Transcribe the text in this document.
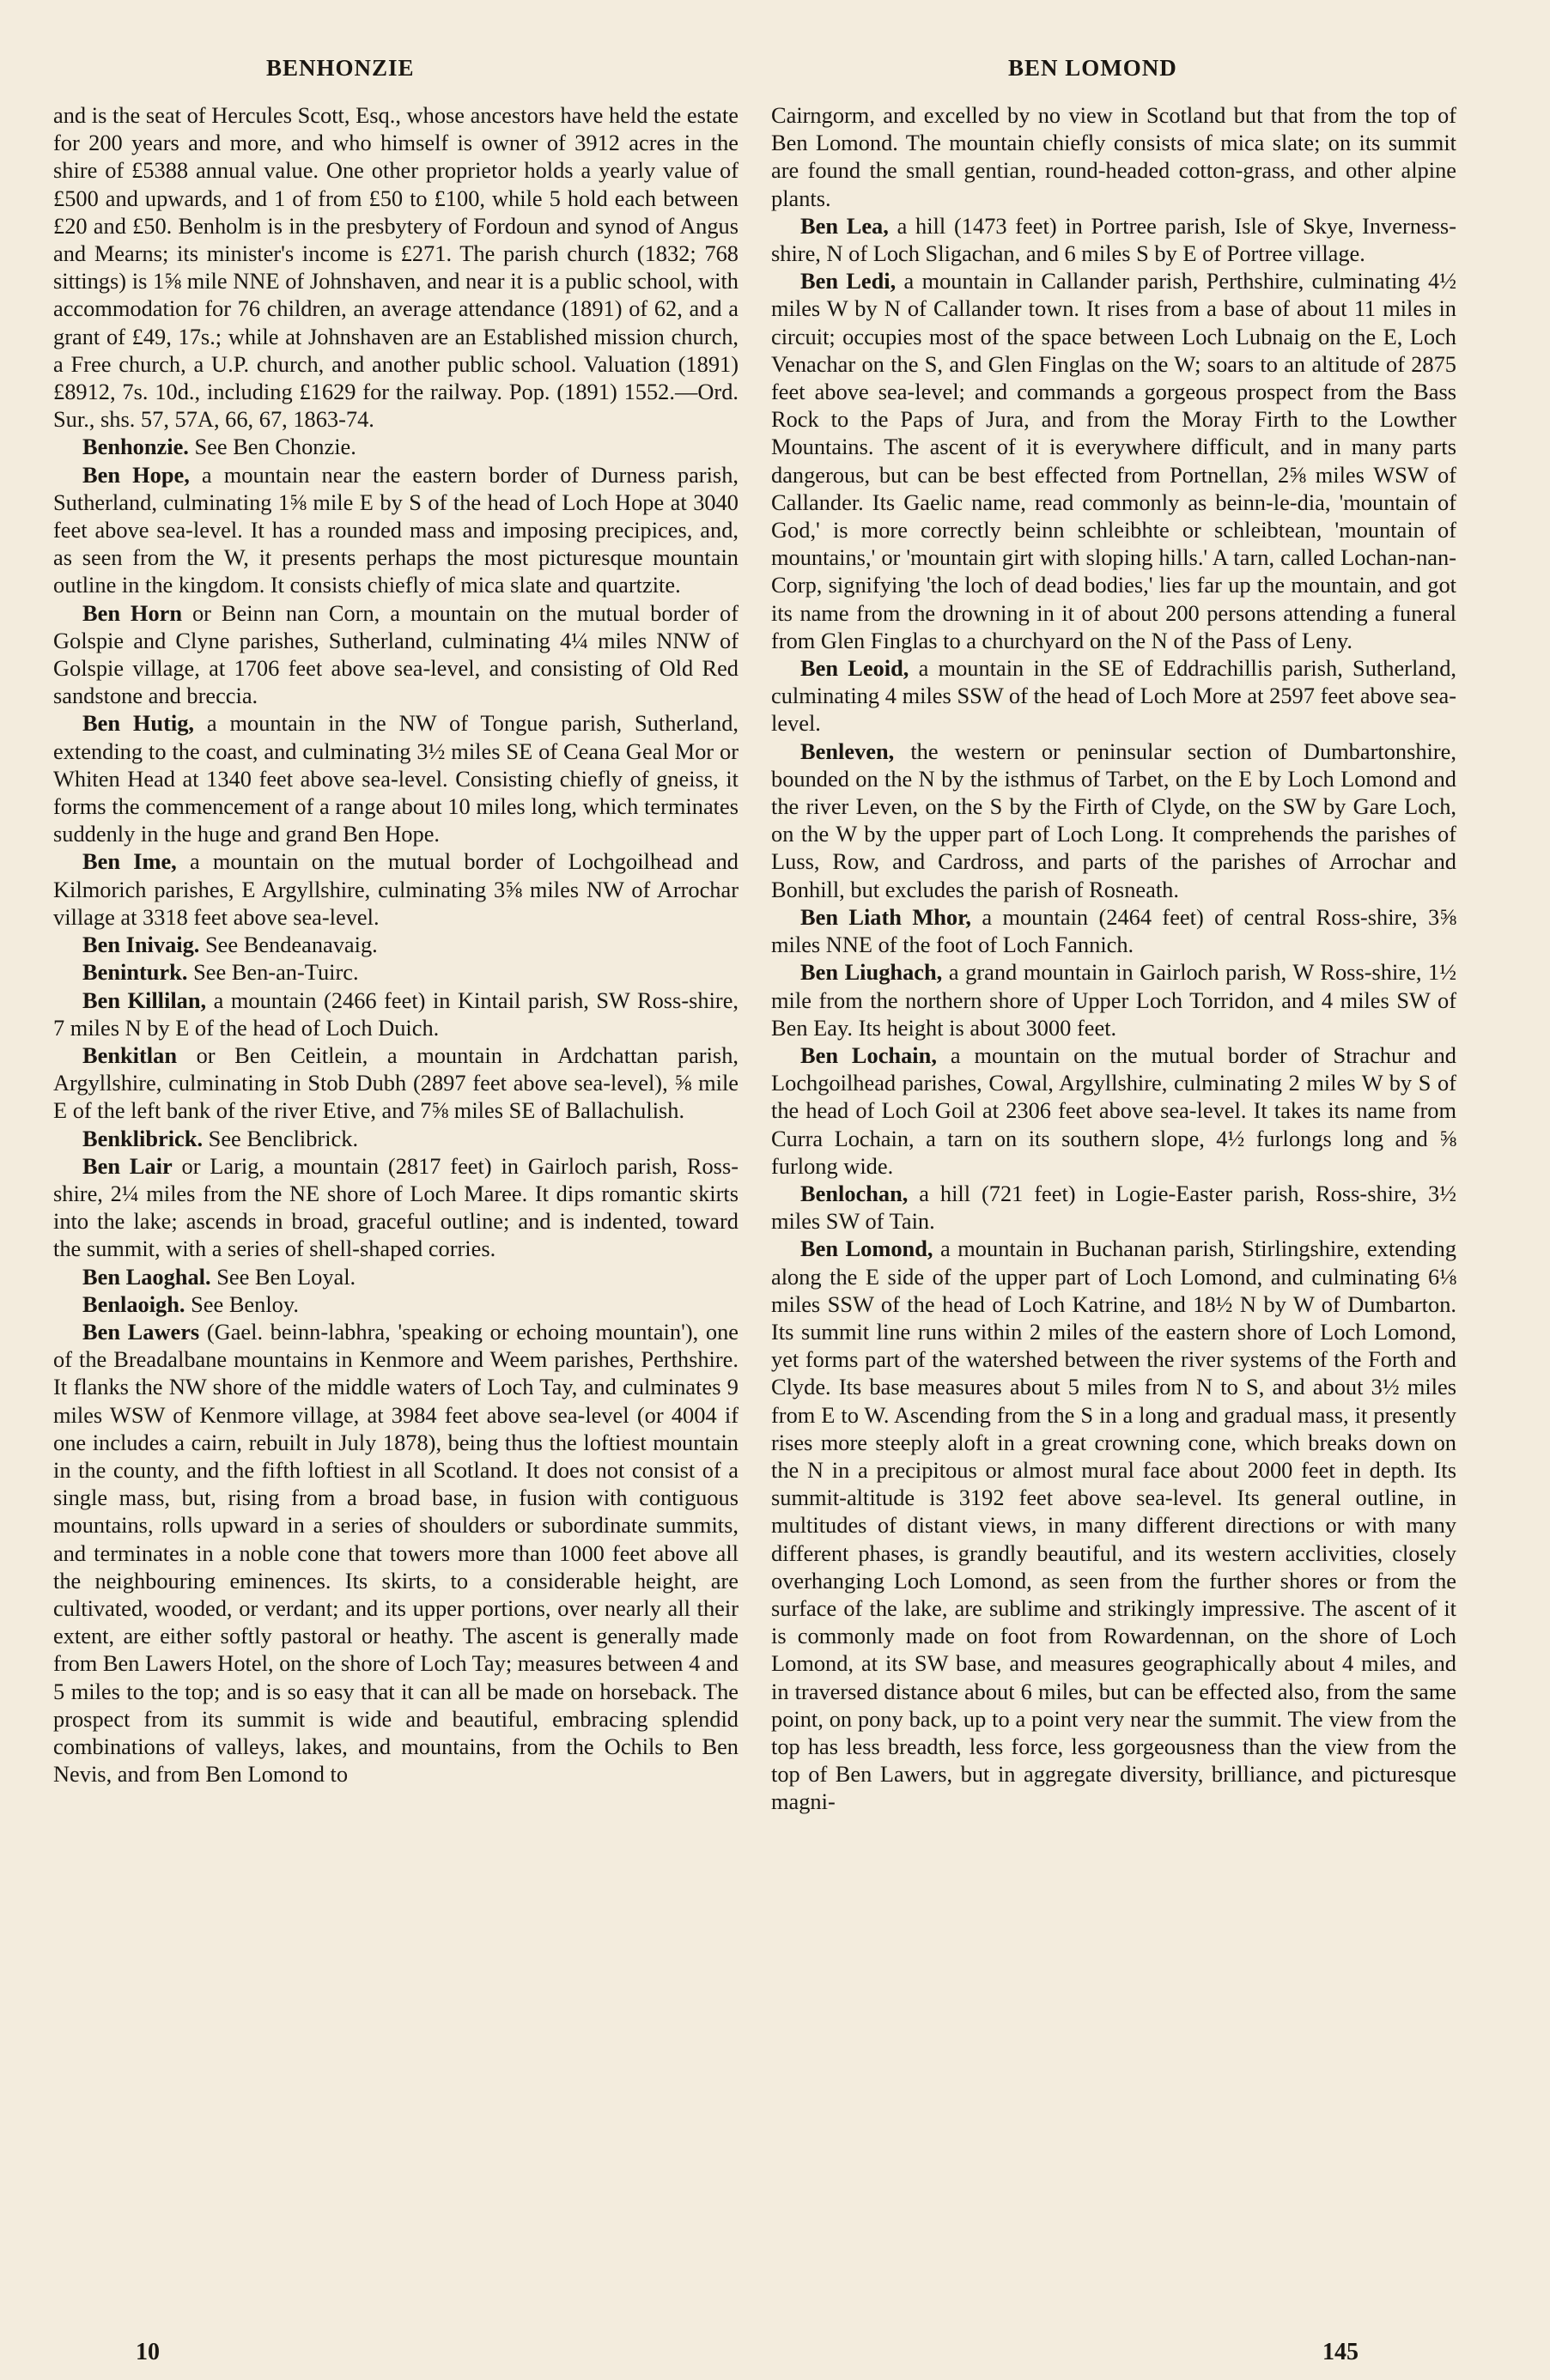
BENHONZIE	BEN LOMOND

and is the seat of Hercules Scott, Esq., whose ancestors have held the estate for 200 years and more, and who himself is owner of 3912 acres in the shire of £5388 annual value. One other proprietor holds a yearly value of £500 and upwards, and 1 of from £50 to £100, while 5 hold each between £20 and £50. Benholm is in the presbytery of Fordoun and synod of Angus and Mearns; its minister's income is £271. The parish church (1832; 768 sittings) is 1⅝ mile NNE of Johnshaven, and near it is a public school, with accommodation for 76 children, an average attendance (1891) of 62, and a grant of £49, 17s.; while at Johnshaven are an Established mission church, a Free church, a U.P. church, and another public school. Valuation (1891) £8912, 7s. 10d., including £1629 for the railway. Pop. (1891) 1552.—Ord. Sur., shs. 57, 57A, 66, 67, 1863-74.

Benhonzie. See Ben Chonzie.

Ben Hope, a mountain near the eastern border of Durness parish, Sutherland, culminating 1⅝ mile E by S of the head of Loch Hope at 3040 feet above sea-level. It has a rounded mass and imposing precipices, and, as seen from the W, it presents perhaps the most picturesque mountain outline in the kingdom. It consists chiefly of mica slate and quartzite.

Ben Horn or Beinn nan Corn, a mountain on the mutual border of Golspie and Clyne parishes, Sutherland, culminating 4¼ miles NNW of Golspie village, at 1706 feet above sea-level, and consisting of Old Red sandstone and breccia.

Ben Hutig, a mountain in the NW of Tongue parish, Sutherland, extending to the coast, and culminating 3½ miles SE of Ceana Geal Mor or Whiten Head at 1340 feet above sea-level. Consisting chiefly of gneiss, it forms the commencement of a range about 10 miles long, which terminates suddenly in the huge and grand Ben Hope.

Ben Ime, a mountain on the mutual border of Lochgoilhead and Kilmorich parishes, E Argyllshire, culminating 3⅝ miles NW of Arrochar village at 3318 feet above sea-level.

Ben Inivaig. See Bendeanavaig.

Beninturk. See Ben-an-Tuirc.

Ben Killilan, a mountain (2466 feet) in Kintail parish, SW Ross-shire, 7 miles N by E of the head of Loch Duich.

Benkitlan or Ben Ceitlein, a mountain in Ardchattan parish, Argyllshire, culminating in Stob Dubh (2897 feet above sea-level), ⅝ mile E of the left bank of the river Etive, and 7⅝ miles SE of Ballachulish.

Benklibrick. See Benclibrick.

Ben Lair or Larig, a mountain (2817 feet) in Gairloch parish, Ross-shire, 2¼ miles from the NE shore of Loch Maree. It dips romantic skirts into the lake; ascends in broad, graceful outline; and is indented, toward the summit, with a series of shell-shaped corries.

Ben Laoghal. See Ben Loyal.

Benlaoigh. See Benloy.

Ben Lawers (Gael. beinn-labhra, 'speaking or echoing mountain'), one of the Breadalbane mountains in Kenmore and Weem parishes, Perthshire. It flanks the NW shore of the middle waters of Loch Tay, and culminates 9 miles WSW of Kenmore village, at 3984 feet above sea-level (or 4004 if one includes a cairn, rebuilt in July 1878), being thus the loftiest mountain in the county, and the fifth loftiest in all Scotland. It does not consist of a single mass, but, rising from a broad base, in fusion with contiguous mountains, rolls upward in a series of shoulders or subordinate summits, and terminates in a noble cone that towers more than 1000 feet above all the neighbouring eminences. Its skirts, to a considerable height, are cultivated, wooded, or verdant; and its upper portions, over nearly all their extent, are either softly pastoral or heathy. The ascent is generally made from Ben Lawers Hotel, on the shore of Loch Tay; measures between 4 and 5 miles to the top; and is so easy that it can all be made on horseback. The prospect from its summit is wide and beautiful, embracing splendid combinations of valleys, lakes, and mountains, from the Ochils to Ben Nevis, and from Ben Lomond to

Cairngorm, and excelled by no view in Scotland but that from the top of Ben Lomond. The mountain chiefly consists of mica slate; on its summit are found the small gentian, round-headed cotton-grass, and other alpine plants.

Ben Lea, a hill (1473 feet) in Portree parish, Isle of Skye, Inverness-shire, N of Loch Sligachan, and 6 miles S by E of Portree village.

Ben Ledi, a mountain in Callander parish, Perthshire, culminating 4½ miles W by N of Callander town. It rises from a base of about 11 miles in circuit; occupies most of the space between Loch Lubnaig on the E, Loch Venachar on the S, and Glen Finglas on the W; soars to an altitude of 2875 feet above sea-level; and commands a gorgeous prospect from the Bass Rock to the Paps of Jura, and from the Moray Firth to the Lowther Mountains. The ascent of it is everywhere difficult, and in many parts dangerous, but can be best effected from Portnellan, 2⅝ miles WSW of Callander. Its Gaelic name, read commonly as beinn-le-dia, 'mountain of God,' is more correctly beinn schleibhte or schleibtean, 'mountain of mountains,' or 'mountain girt with sloping hills.' A tarn, called Lochan-nan-Corp, signifying 'the loch of dead bodies,' lies far up the mountain, and got its name from the drowning in it of about 200 persons attending a funeral from Glen Finglas to a churchyard on the N of the Pass of Leny.

Ben Leoid, a mountain in the SE of Eddrachillis parish, Sutherland, culminating 4 miles SSW of the head of Loch More at 2597 feet above sea-level.

Benleven, the western or peninsular section of Dumbartonshire, bounded on the N by the isthmus of Tarbet, on the E by Loch Lomond and the river Leven, on the S by the Firth of Clyde, on the SW by Gare Loch, on the W by the upper part of Loch Long. It comprehends the parishes of Luss, Row, and Cardross, and parts of the parishes of Arrochar and Bonhill, but excludes the parish of Rosneath.

Ben Liath Mhor, a mountain (2464 feet) of central Ross-shire, 3⅝ miles NNE of the foot of Loch Fannich.

Ben Liughach, a grand mountain in Gairloch parish, W Ross-shire, 1½ mile from the northern shore of Upper Loch Torridon, and 4 miles SW of Ben Eay. Its height is about 3000 feet.

Ben Lochain, a mountain on the mutual border of Strachur and Lochgoilhead parishes, Cowal, Argyllshire, culminating 2 miles W by S of the head of Loch Goil at 2306 feet above sea-level. It takes its name from Curra Lochain, a tarn on its southern slope, 4½ furlongs long and ⅝ furlong wide.

Benlochan, a hill (721 feet) in Logie-Easter parish, Ross-shire, 3½ miles SW of Tain.

Ben Lomond, a mountain in Buchanan parish, Stirlingshire, extending along the E side of the upper part of Loch Lomond, and culminating 6⅛ miles SSW of the head of Loch Katrine, and 18½ N by W of Dumbarton. Its summit line runs within 2 miles of the eastern shore of Loch Lomond, yet forms part of the watershed between the river systems of the Forth and Clyde. Its base measures about 5 miles from N to S, and about 3½ miles from E to W. Ascending from the S in a long and gradual mass, it presently rises more steeply aloft in a great crowning cone, which breaks down on the N in a precipitous or almost mural face about 2000 feet in depth. Its summit-altitude is 3192 feet above sea-level. Its general outline, in multitudes of distant views, in many different directions or with many different phases, is grandly beautiful, and its western acclivities, closely overhanging Loch Lomond, as seen from the further shores or from the surface of the lake, are sublime and strikingly impressive. The ascent of it is commonly made on foot from Rowardennan, on the shore of Loch Lomond, at its SW base, and measures geographically about 4 miles, and in traversed distance about 6 miles, but can be effected also, from the same point, on pony back, up to a point very near the summit. The view from the top has less breadth, less force, less gorgeousness than the view from the top of Ben Lawers, but in aggregate diversity, brilliance, and picturesque magni-

10	145
